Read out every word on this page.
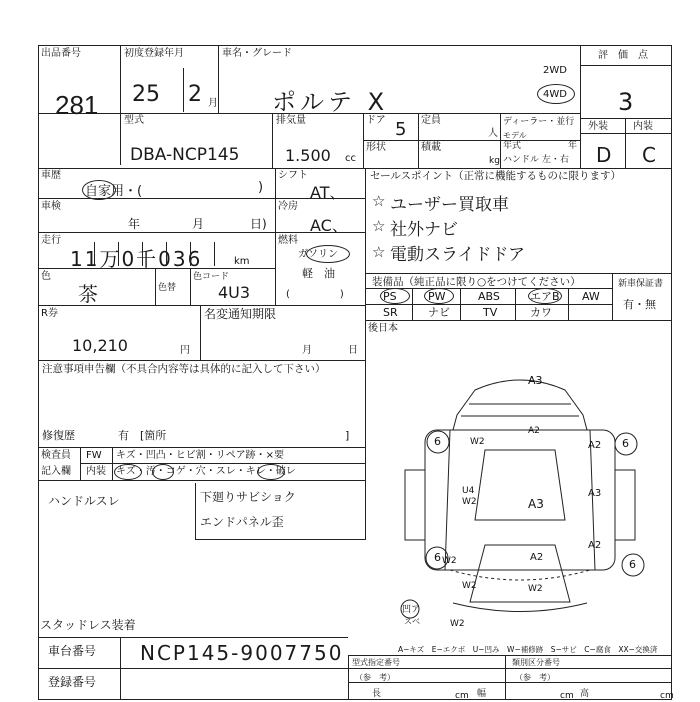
出品番号
281
初度登録年月
25 2 月
車名・グレード
ポルテ X
2WD
4WD
評　価　点
3
外装	内装
D C
型式
DBA-NCP145
排気量
1.500 cc
ドア 5 定員
人
ディーラー・並行
モデル
年式	年
形状	積載
kg ハンドル 左・右
車歴
自家用・(	)
車検
年	月	日)
走行
11万0千036	km
色
茶	色替
色コード
4U3
シフト
AT、
冷房
AC、
燃料
ガソリン
軽　油
(　　　　　)
セールスポイント（正常に機能するものに限ります）
☆ ユーザー買取車
☆ 社外ナビ
☆ 電動スライドドア
装備品（純正品に限り○をつけてください）	新車保証書
有・無
PS	PW	ABS	エアB AW
SR	ナビ	TV	カワ
後日本
R券
10,210	円
名変通知期限
月	日
注意事項申告欄（不具合内容等は具体的に記入して下さい）
修復歴	有　[箇所	]
検査員
記入欄
FW キズ・凹凸・ヒビ割・リペア跡・×要
内装 キズ・汚・コゲ・穴・スレ・キレ・破レ
ハンドルスレ	下廻りサビショク
エンドパネル歪
スタッドレス装着
A3
A2
A2
A3
A3
A2
A2
U4
W2
W2
W2
W2	W2
W2
6	6
6
6
凹ア
スベ
A−キズ　E−エクボ　U−凹み　W−補修跡　S−サビ　C−腐食　XX−交換済
車台番号 NCP145-9007750
登録番号
型式指定番号
（参　考）
類別区分番号
（参　考）
長	幅	高
cm	cm	cm
